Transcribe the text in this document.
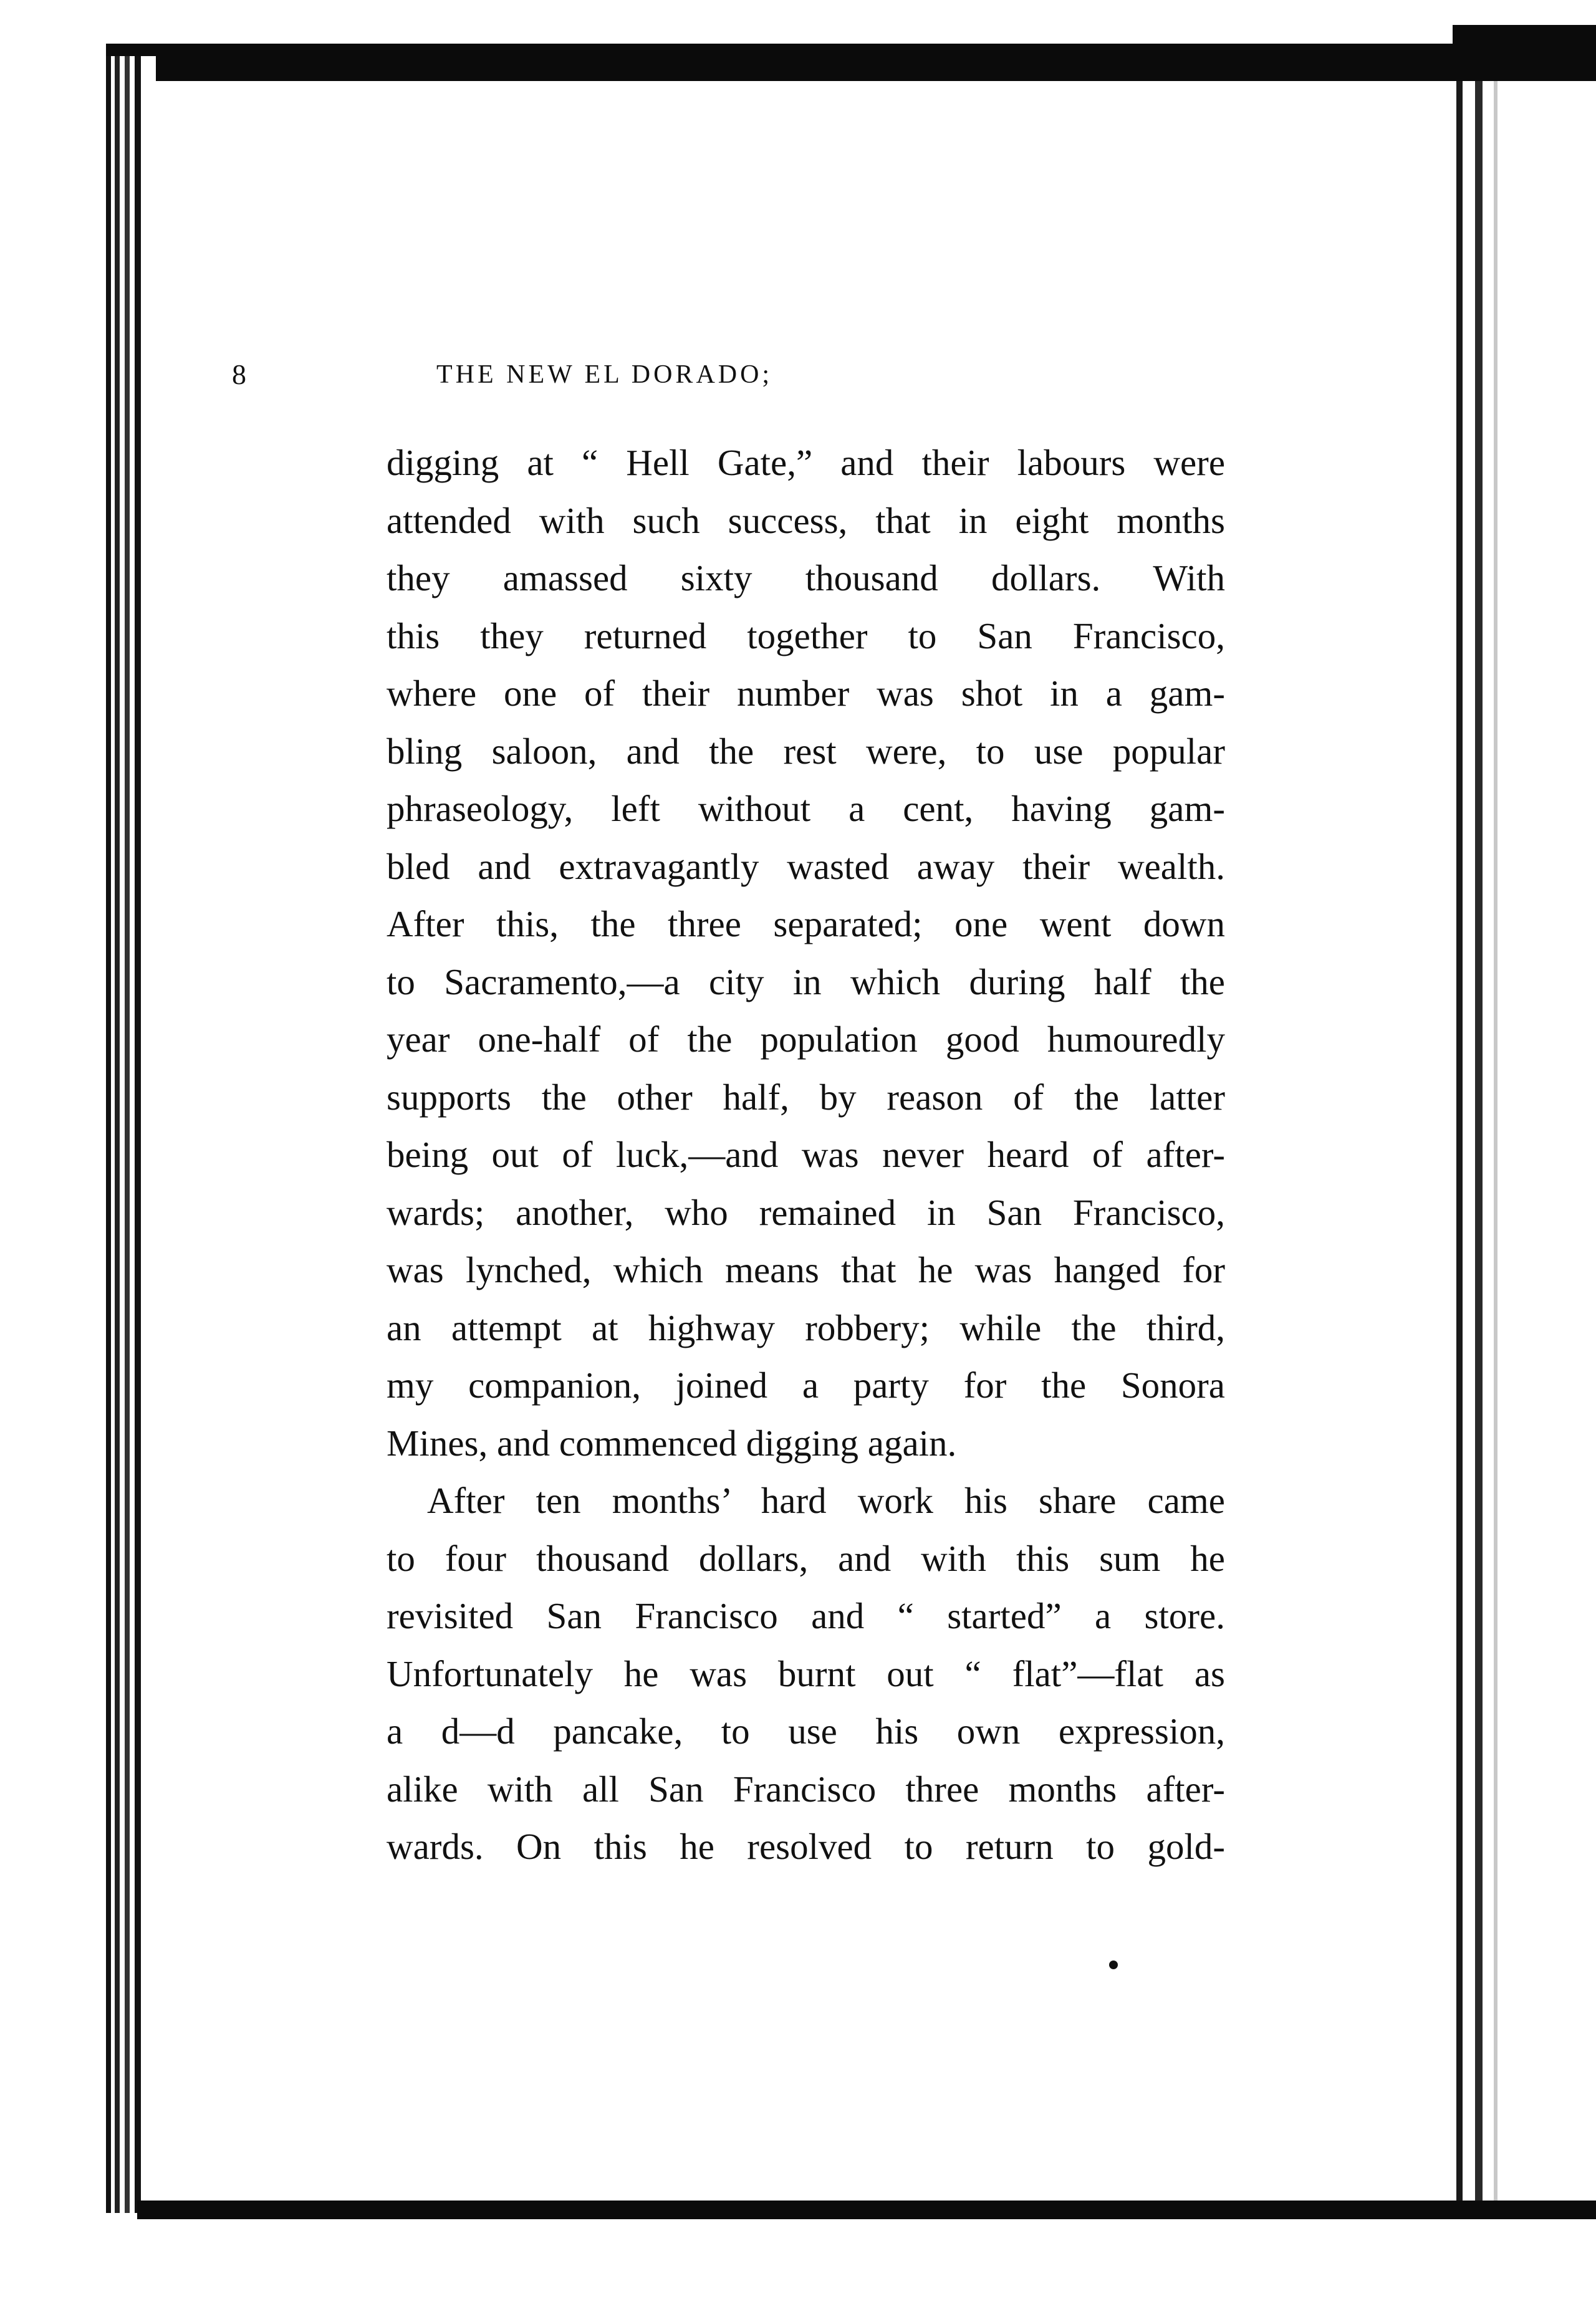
8	THE NEW EL DORADO;
digging at “ Hell Gate,” and their labours were
attended with such success, that in eight months
they amassed sixty thousand dollars. With
this they returned together to San Francisco,
where one of their number was shot in a gam-
bling saloon, and the rest were, to use popular
phraseology, left without a cent, having gam-
bled and extravagantly wasted away their wealth.
After this, the three separated; one went down
to Sacramento,—a city in which during half the
year one-half of the population good humouredly
supports the other half, by reason of the latter
being out of luck,—and was never heard of after-
wards; another, who remained in San Francisco,
was lynched, which means that he was hanged for
an attempt at highway robbery; while the third,
my companion, joined a party for the Sonora
Mines, and commenced digging again.
After ten months’ hard work his share came
to four thousand dollars, and with this sum he
revisited San Francisco and “ started” a store.
Unfortunately he was burnt out “ flat”—flat as
a d—d pancake, to use his own expression,
alike with all San Francisco three months after-
wards. On this he resolved to return to gold-
